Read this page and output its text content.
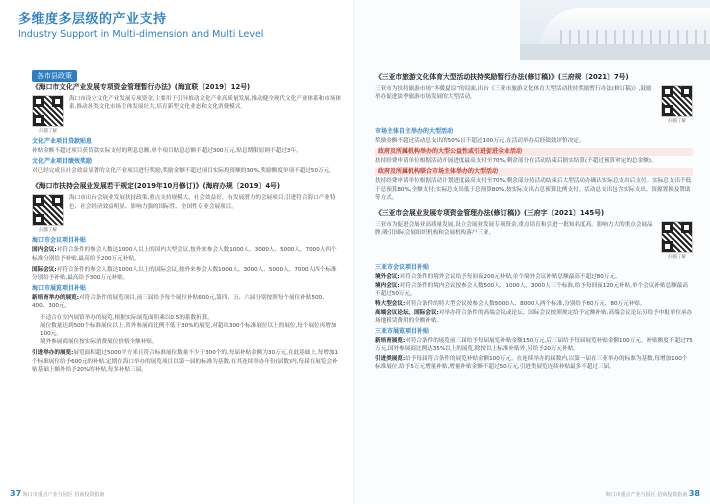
多维度多层级的产业支持
Industry Support in Multi-dimension and Multi Level
各市县政策
《海口市文化产业发展专项资金管理暂行办法》(海宣联〔2019〕12号)
扫描了解
海口市设立文化产业发展专项资金,主要用于引导推动文化产业高质量发展,推动健全现代文化产业体系和市场体系,推动各类文化市场主体发展壮大,培育新型文化业态和文化消费模式。
文化产业项目贷款贴息
补贴金额不超过项目获贷款实际支付的利息总额,单个项目贴息总额不超过300万元,贴息期限原则不超过3年。
文化产业项目绩效奖励
对已经完成且社会效益显著的文化产业项目进行奖励,奖励金额不超过项目实际投资额的30%,奖励额度单项不超过50万元。
《海口市扶持会展业发展若干规定(2019年10月修订)》(海府办规〔2019〕4号)
扫描了解
海口市出台会展业发展扶持政策,重点支持规模大、社会效益好、有发展潜力的会展项目,引进符合海口产业特色、社会经济效益明显、影响力强的国际性、全国性专业会展项目。
海口市会议项目补贴
国内会议:对符合条件的参会人数达1000人以上的国内大型会议,按外来参会人数1000人、3000人、5000人、7000人四个标准分别给予补贴,最高给予200万元补贴。
国际会议:对符合条件的参会人数达1000人以上的国际会议,按外来参会人数1000人、3000人、5000人、7000人四个标准分别给予补贴,最高给予300万元补贴。
海口市展览项目补贴
新培育举办的展览:对符合条件的展览项目,前三届给予每个展位补贴600元,第四、五、六届分别按照每个展位补贴500、400、300元。
不适合在室内展馆举办的展览,根据实际展览面积乘以0.5的系数折算。
展位数量达到500个标准展位以上,省外参展商比例不低于30%的展览,对超出300个标准展位以上的展位,每个展位再增加100元。
境外参展商展位按实际消费展位价格全额补贴。
引进举办的展览:展览面积超过5000平方米且符合标准展位数量不少于300个的,每届补贴金额为30万元,在此基础上,每增加1个标准展位给予600元的补贴,定期在海口举办的展览项目以第一届的标准为基数,在其连续举办年份(届数)内,每届在展览会补贴基础上额外给予20%的补贴,每多补贴三届。
37 海口市重点产业与园区 招商投资指南
《三亚市旅游文化体育大型活动扶持奖励暂行办法(修订稿)》(三府规〔2021〕7号)
三亚市为扶持旅游市场“冬暖夏凉”的局面,出台《三亚市旅游文化体育大型活动扶持奖励暂行办法(修订稿)》,鼓励举办促进淡季旅游市场发展的大型活动。
扫描了解
市场主体自主举办的大型活动
奖励金额不超过活动总支出的50%且不超过100万元,在活动举办后经绩效评价决定。
政府及所属机构举办的大型公益性或引进促进全业活动
扶持经费申请单位根据活动开展进度最高支付至70%,剩余部分在活动结束后据实结算(不超过预算审定的总金额)。
政府及所属机构联合市场主体举办的大型活动
扶持经费申请单位根据活动计划进度最高支付至70%,剩余部分待活动结束后大型活动办确认实际总支出后支付。实际总支出不低于总预算80%,全额支付;实际总支出低于总预算80%,按实际支出占总预算比例支付。活动总支出包含实际支出、资源置换及赞助等方式。
《三亚市会展业发展专项资金管理办法(修订稿)》(三府字〔2021〕145号)
三亚市为促进会展业高质量发展,设立会展业发展专项资金,重点培育和引进一批知名度高、影响力大的重点会展品牌,吸引国际会展组织机构和会展机构落户三亚。
扫描了解
三亚市会议项目补贴
境外会议:对符合条件的境外会议给予每间夜200元补贴,单个境外会议补贴总额最高不超过80万元。
境内会议:对符合条件的境内会议按参会人数500人、1000人、3000人三个标准,给予每间夜120元补贴,单个会议补贴总额最高不超过50万元。
特大型会议:对符合条件的特大型会议按参会人数5000人、8000人两个标准,分别给予60万元、80万元补贴。
高端会议论坛、国际会议:对举办符合条件的高端会议或论坛、国际会议按照规定给予定额补贴,高端会议论坛另给予申报单位承办场地租赁费用的全额补贴。
三亚市展览项目补贴
新培育展览:对符合条件的展览前三届给予每届展览补贴金额150万元,后三届给予每届展览补贴金额100万元。补贴额度不超过75万元,国外参展商比例达35%以上的展览,除按以上标准补贴外,另给予20万元补贴。
引进类展览:给予每届符合条件的展览补贴金额100万元。在连续举办的届数内,以第一届在三亚举办的标准为基数,每增加100个标准展位,给予5万元增量补贴,增量补贴金额不超过50万元,引进类展览连续补贴最多不超过三届。
海口市重点产业与园区 招商投资指南 38
